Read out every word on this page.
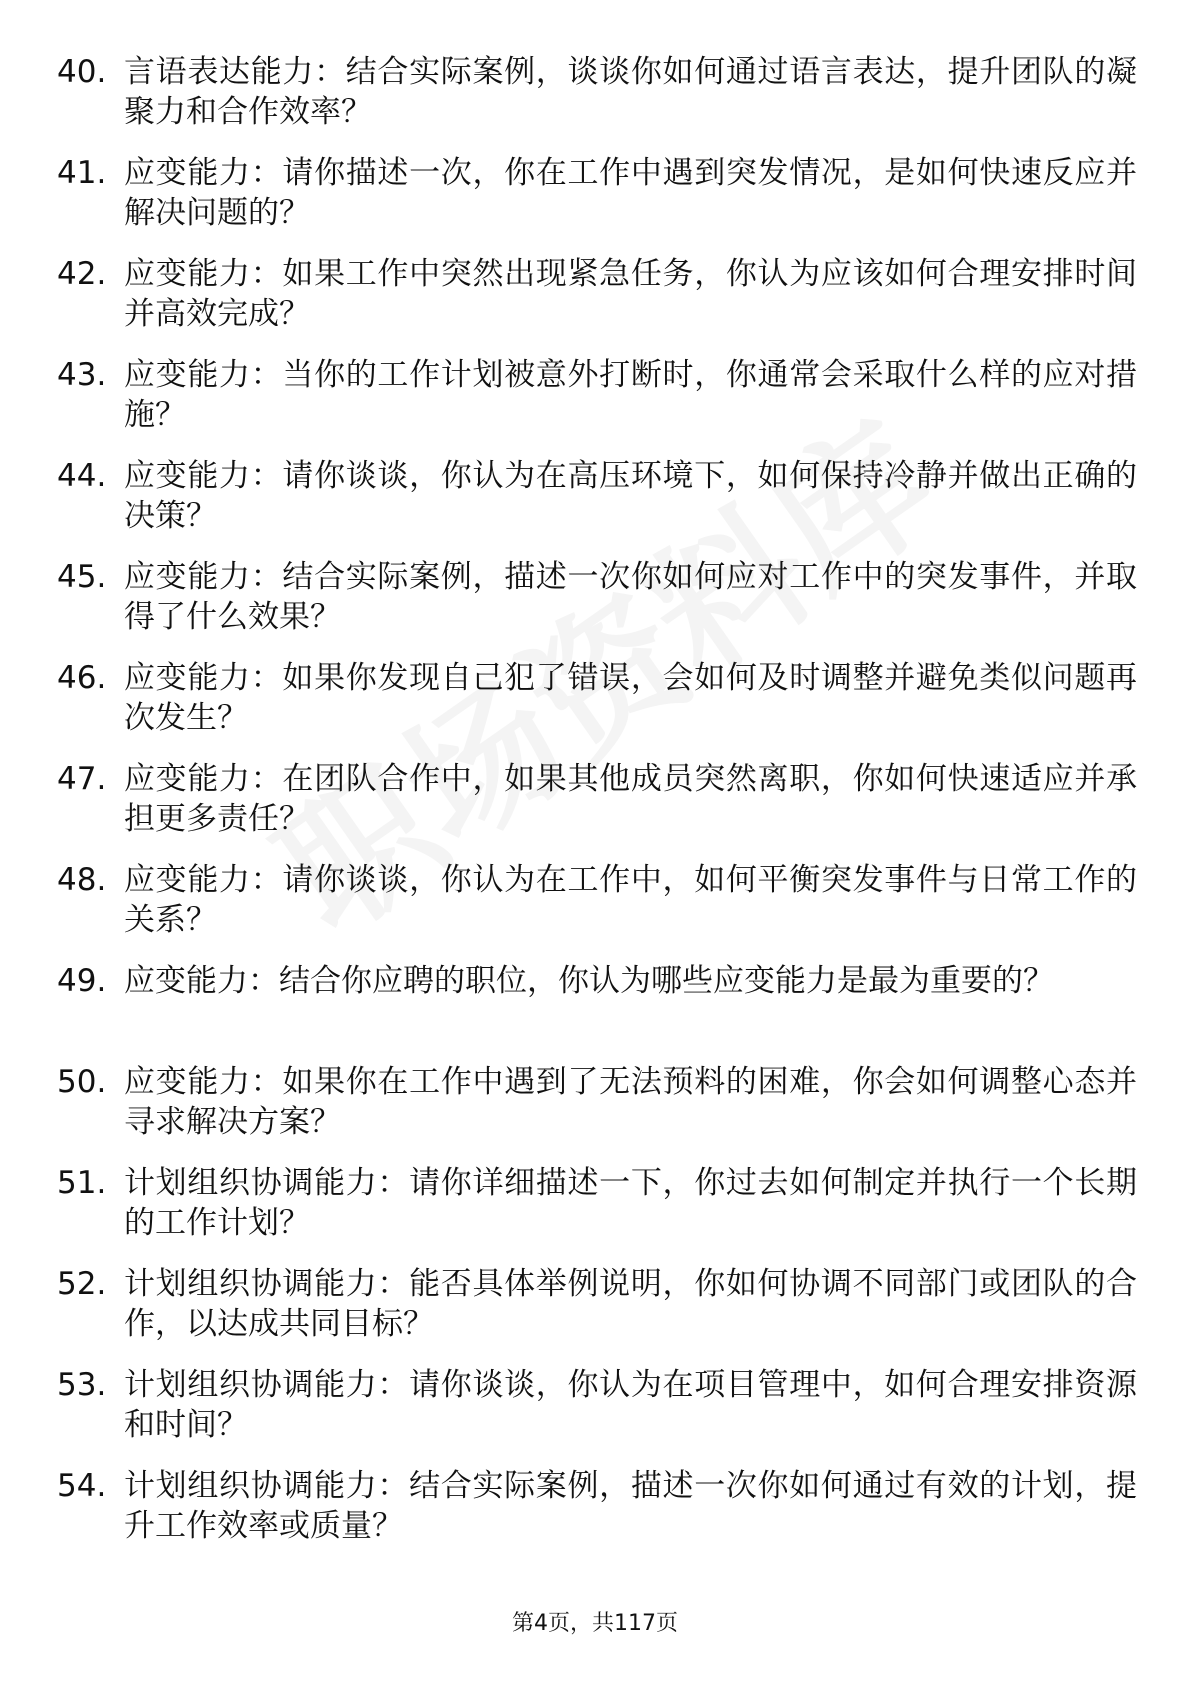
40. 言语表达能力：结合实际案例，谈谈你如何通过语言表达，提升团队的凝聚力和合作效率？
41. 应变能力：请你描述一次，你在工作中遇到突发情况，是如何快速反应并解决问题的？
42. 应变能力：如果工作中突然出现紧急任务，你认为应该如何合理安排时间并高效完成？
43. 应变能力：当你的工作计划被意外打断时，你通常会采取什么样的应对措施？
44. 应变能力：请你谈谈，你认为在高压环境下，如何保持冷静并做出正确的决策？
45. 应变能力：结合实际案例，描述一次你如何应对工作中的突发事件，并取得了什么效果？
46. 应变能力：如果你发现自己犯了错误，会如何及时调整并避免类似问题再次发生？
47. 应变能力：在团队合作中，如果其他成员突然离职，你如何快速适应并承担更多责任？
48. 应变能力：请你谈谈，你认为在工作中，如何平衡突发事件与日常工作的关系？
49. 应变能力：结合你应聘的职位，你认为哪些应变能力是最为重要的？
50. 应变能力：如果你在工作中遇到了无法预料的困难，你会如何调整心态并寻求解决方案？
51. 计划组织协调能力：请你详细描述一下，你过去如何制定并执行一个长期的工作计划？
52. 计划组织协调能力：能否具体举例说明，你如何协调不同部门或团队的合作，以达成共同目标？
53. 计划组织协调能力：请你谈谈，你认为在项目管理中，如何合理安排资源和时间？
54. 计划组织协调能力：结合实际案例，描述一次你如何通过有效的计划，提升工作效率或质量？
第4页，共117页
